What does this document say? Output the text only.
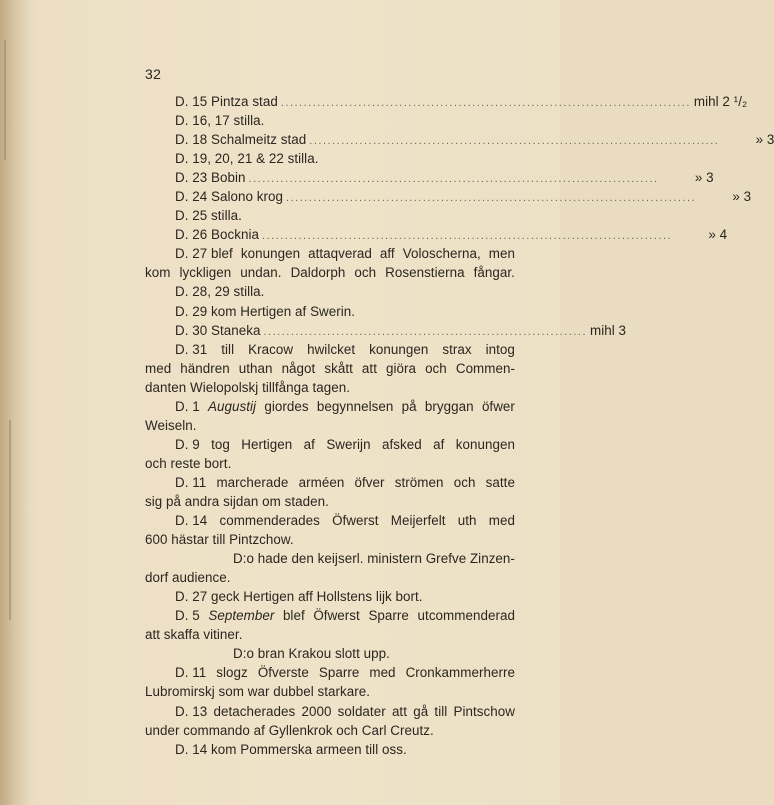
32
D. 15 Pintza stad .......................................................................................... mihl 2 ¹/₂
D. 16, 17 stilla.
D. 18 Schalmeitz stad ..........................................................................................	» 3
D. 19, 20, 21 & 22 stilla.
D. 23 Bobin ..........................................................................................	» 3
D. 24 Salono krog ..........................................................................................	» 3
D. 25 stilla.
D. 26 Bocknia ..........................................................................................	» 4
D. 27 blef konungen attaqverad aff Voloscherna, men
kom lyckligen undan. Daldorph och Rosenstierna fångar.
D. 28, 29 stilla.
D. 29 kom Hertigen af Swerin.
D. 30 Staneka ....................................................................... mihl 3
D. 31 till Kracow hwilcket konungen strax intog
med händren uthan något skått att giöra och Commen-
danten Wielopolskj tillfånga tagen.
D. 1 Augustij giordes begynnelsen på bryggan öfwer
Weiseln.
D. 9 tog Hertigen af Swerijn afsked af konungen
och reste bort.
D. 11 marcherade arméen öfver strömen och satte
sig på andra sijdan om staden.
D. 14 commenderades Öfwerst Meijerfelt uth med
600 hästar till Pintzchow.
D:o hade den keijserl. ministern Grefve Zinzen-
dorf audience.
D. 27 geck Hertigen aff Hollstens lijk bort.
D. 5 September blef Öfwerst Sparre utcommenderad
att skaffa vitiner.
D:o bran Krakou slott upp.
D. 11 slogz Öfverste Sparre med Cronkammerherre
Lubromirskj som war dubbel starkare.
D. 13 detacherades 2000 soldater att gå till Pintschow
under commando af Gyllenkrok och Carl Creutz.
D. 14 kom Pommerska armeen till oss.
